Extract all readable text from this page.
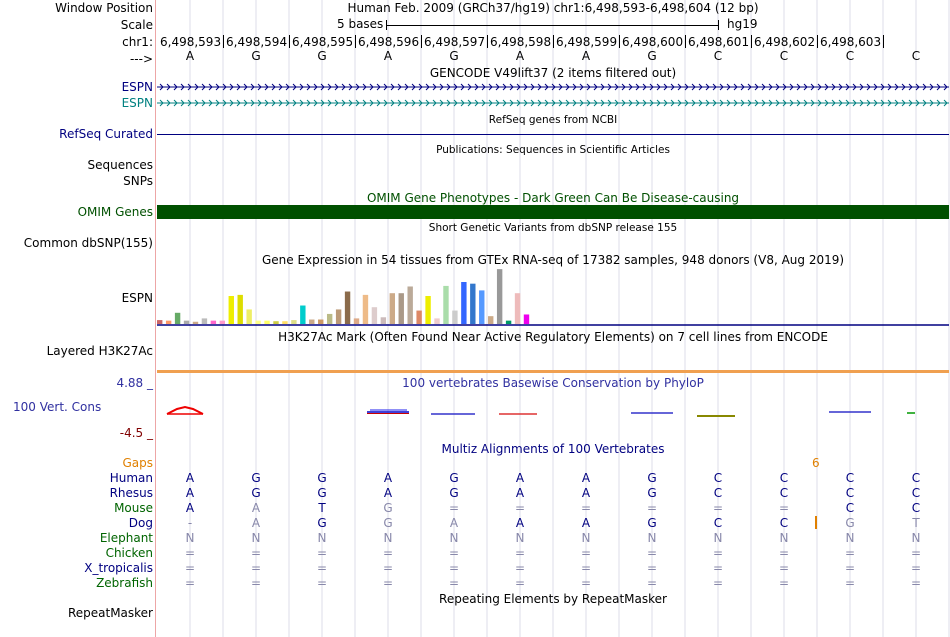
Window Position	Human Feb. 2009 (GRCh37/hg19) chr1:6,498,593-6,498,604 (12 bp)
Scale	5 bases	hg19
chr1: 6,498,593 6,498,594 6,498,595 6,498,596 6,498,597 6,498,598 6,498,599 6,498,600 6,498,601 6,498,602 6,498,603
--->	A	G	G	A	G	A	A	G	C	C	C	C
GENCODE V49lift37 (2 items filtered out)
ESPN
ESPN
RefSeq genes from NCBI
RefSeq Curated
Publications: Sequences in Scientific Articles
Sequences
SNPs
OMIM Gene Phenotypes - Dark Green Can Be Disease-causing
OMIM Genes
Short Genetic Variants from dbSNP release 155
Common dbSNP(155)
Gene Expression in 54 tissues from GTEx RNA-seq of 17382 samples, 948 donors (V8, Aug 2019)
ESPN
H3K27Ac Mark (Often Found Near Active Regulatory Elements) on 7 cell lines from ENCODE
Layered H3K27Ac
4.88 _	100 vertebrates Basewise Conservation by PhyloP
100 Vert. Cons
-4.5 _
Multiz Alignments of 100 Vertebrates
Gaps	6
Human	A	G	G	A	G	A	A	G	C	C	C	C
Rhesus	A	G	G	A	G	A	A	G	C	C	C	C
Mouse	A	A	T	G	=	=	=	=	=	=	C	C
Dog	-	A	G	G	A	A	A	G	C	C	G	T
Elephant	N	N	N	N	N	N	N	N	N	N	N	N
Chicken	=	=	=	=	=	=	=	=	=	=	=	=
X_tropicalis	=	=	=	=	=	=	=	=	=	=	=	=
Zebrafish	=	=	=	=	=	=	=	=	=	=	=	=
Repeating Elements by RepeatMasker
RepeatMasker
